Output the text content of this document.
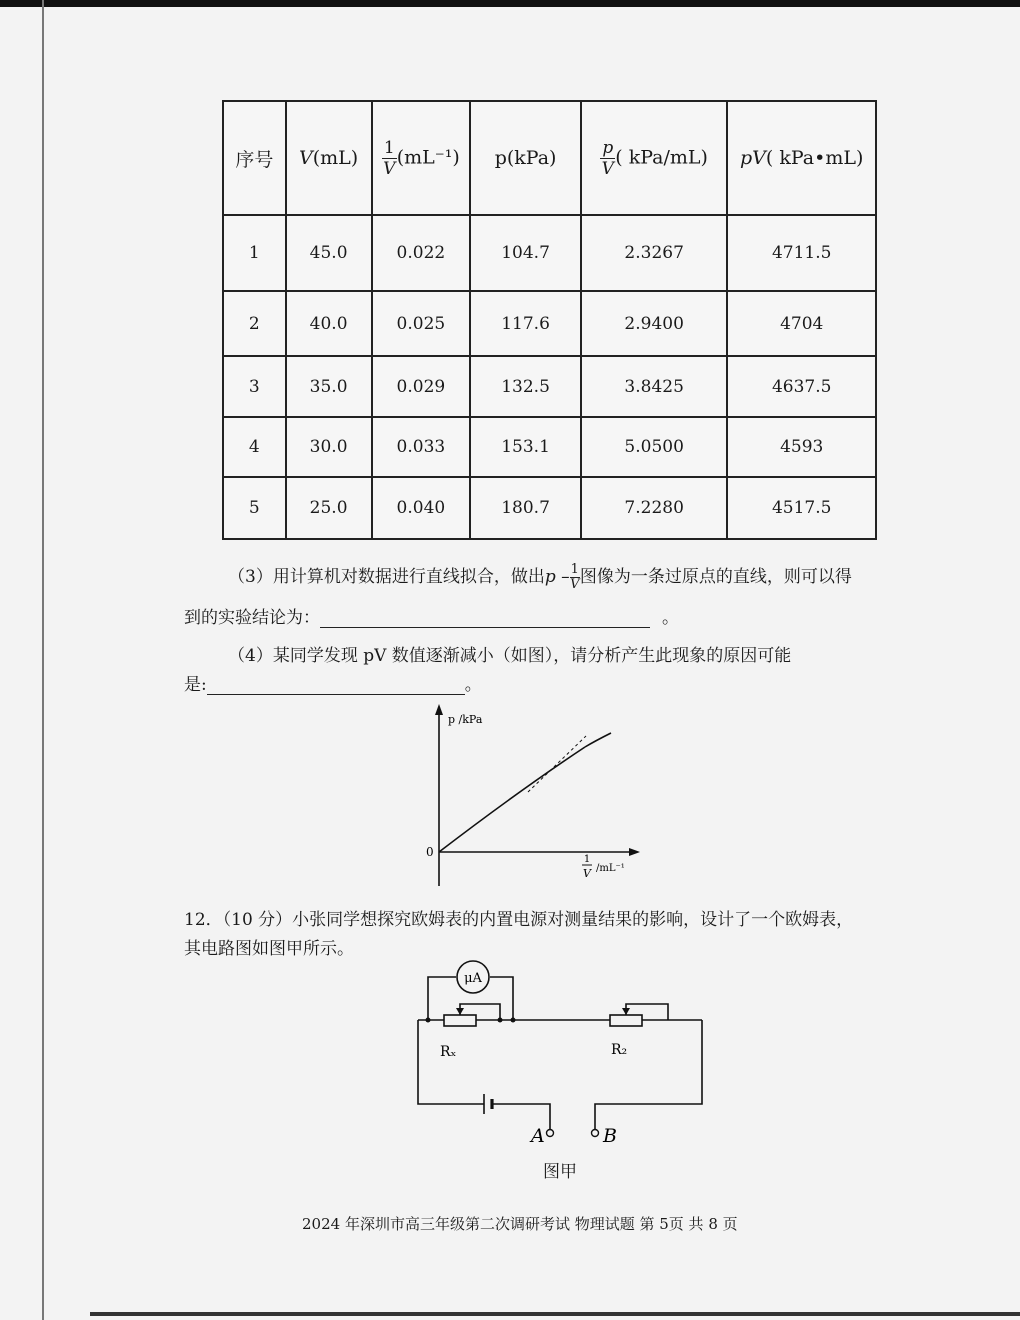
序号	V(mL)	$\frac{1}{V} (mL^{-1})$	p(kPa)	$\frac{p}{V}$ ( kPa/mL)	pV( kPa•mL)
1	45.0	0.022	104.7	2.3267	4711.5
2	40.0	0.025	117.6	2.9400	4704
3	35.0	0.029	132.5	3.8425	4637.5
4	30.0	0.033	153.1	5.0500	4593
5	25.0	0.040	180.7	7.2280	4517.5
（3）用计算机对数据进行直线拟合，做出p – $\frac{1}{V}$ 图像为一条过原点的直线，则可以得
到的实验结论为：	。
（4）某同学发现 pV 数值逐渐减小（如图），请分析产生此现象的原因可能
是:	。
p /kPa
0
1
V /mL⁻¹
12．（10 分）小张同学想探究欧姆表的内置电源对测量结果的影响，设计了一个欧姆表，
其电路图如图甲所示。
μA
Rₓ	R₂
A	B
图甲
2024 年深圳市高三年级第二次调研考试 物理试题 第 5页 共 8 页
